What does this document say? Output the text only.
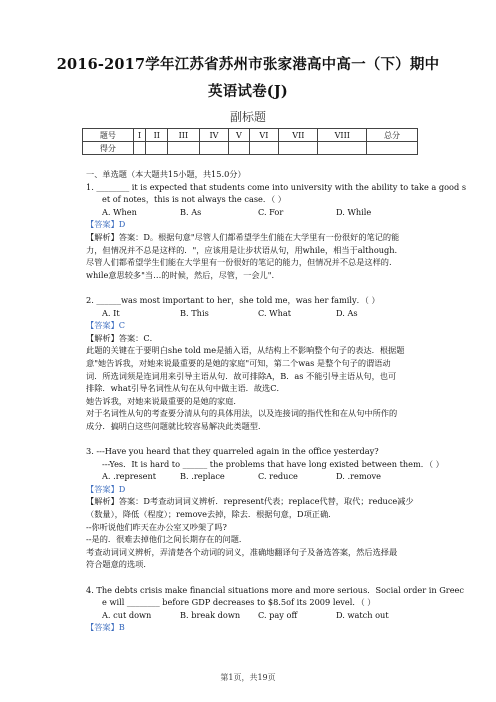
2016-2017学年江苏省苏州市张家港高中高一（下）期中
英语试卷(J)
副标题
题号	I	II	III	IV	V	VI	VII	VIII	总分
得分									
一、单选题（本大题共15小题，共15.0分）
1. ________ it is expected that students come into university with the ability to take a good s
et of notes，this is not always the case．（ ）
A. When	B. As	C. For	D. While
【答案】D
【解析】答案：D。根据句意"尽管人们都希望学生们能在大学里有一份很好的笔记的能
力，但情况并不总是这样的．"，应该用是让步状语从句，用while，相当于although.
尽管人们都希望学生们能在大学里有一份很好的笔记的能力，但情况并不总是这样的.
while意思较多"当…的时候，然后，尽管，一会儿".
2. ______was most important to her，she told me，was her family．（ ）
A. It	B. This	C. What	D. As
【答案】C
【解析】答案：C．
此题的关键在于要明白she told me是插入语，从结构上不影响整个句子的表达．根据题
意"她告诉我，对她来说最重要的是她的家庭"可知，第二个was 是整个句子的谓语动
词．所选词须是连词用来引导主语从句．故可排除A，B．as 不能引导主语从句，也可
排除．what引导名词性从句在从句中做主语．故选C．
她告诉我，对她来说最重要的是她的家庭．
对于名词性从句的考查要分清从句的具体用法，以及连接词的指代性和在从句中所作的
成分．搞明白这些问题就比较容易解决此类题型．
3. ---Have you heard that they quarreled again in the office yesterday?
---Yes．It is hard to ______ the problems that have long existed between them．（ ）
A. .represent	B. .replace	C. reduce	D. .remove
【答案】D
【解析】答案：D考查动词词义辨析．represent代表；replace代替，取代；reduce减少
（数量），降低（程度）；remove去掉，除去．根据句意，D项正确．
--你听说他们昨天在办公室又吵架了吗?
--是的．很难去掉他们之间长期存在的问题．
考查动词词义辨析，弄清楚各个动词的词义，准确地翻译句子及备选答案，然后选择最
符合题意的选项．
4. The debts crisis make financial situations more and more serious．Social order in Greec
e will ________ before GDP decreases to $8.5of its 2009 level．（ ）
A. cut down	B. break down	C. pay off	D. watch out
【答案】B
第1页，共19页
